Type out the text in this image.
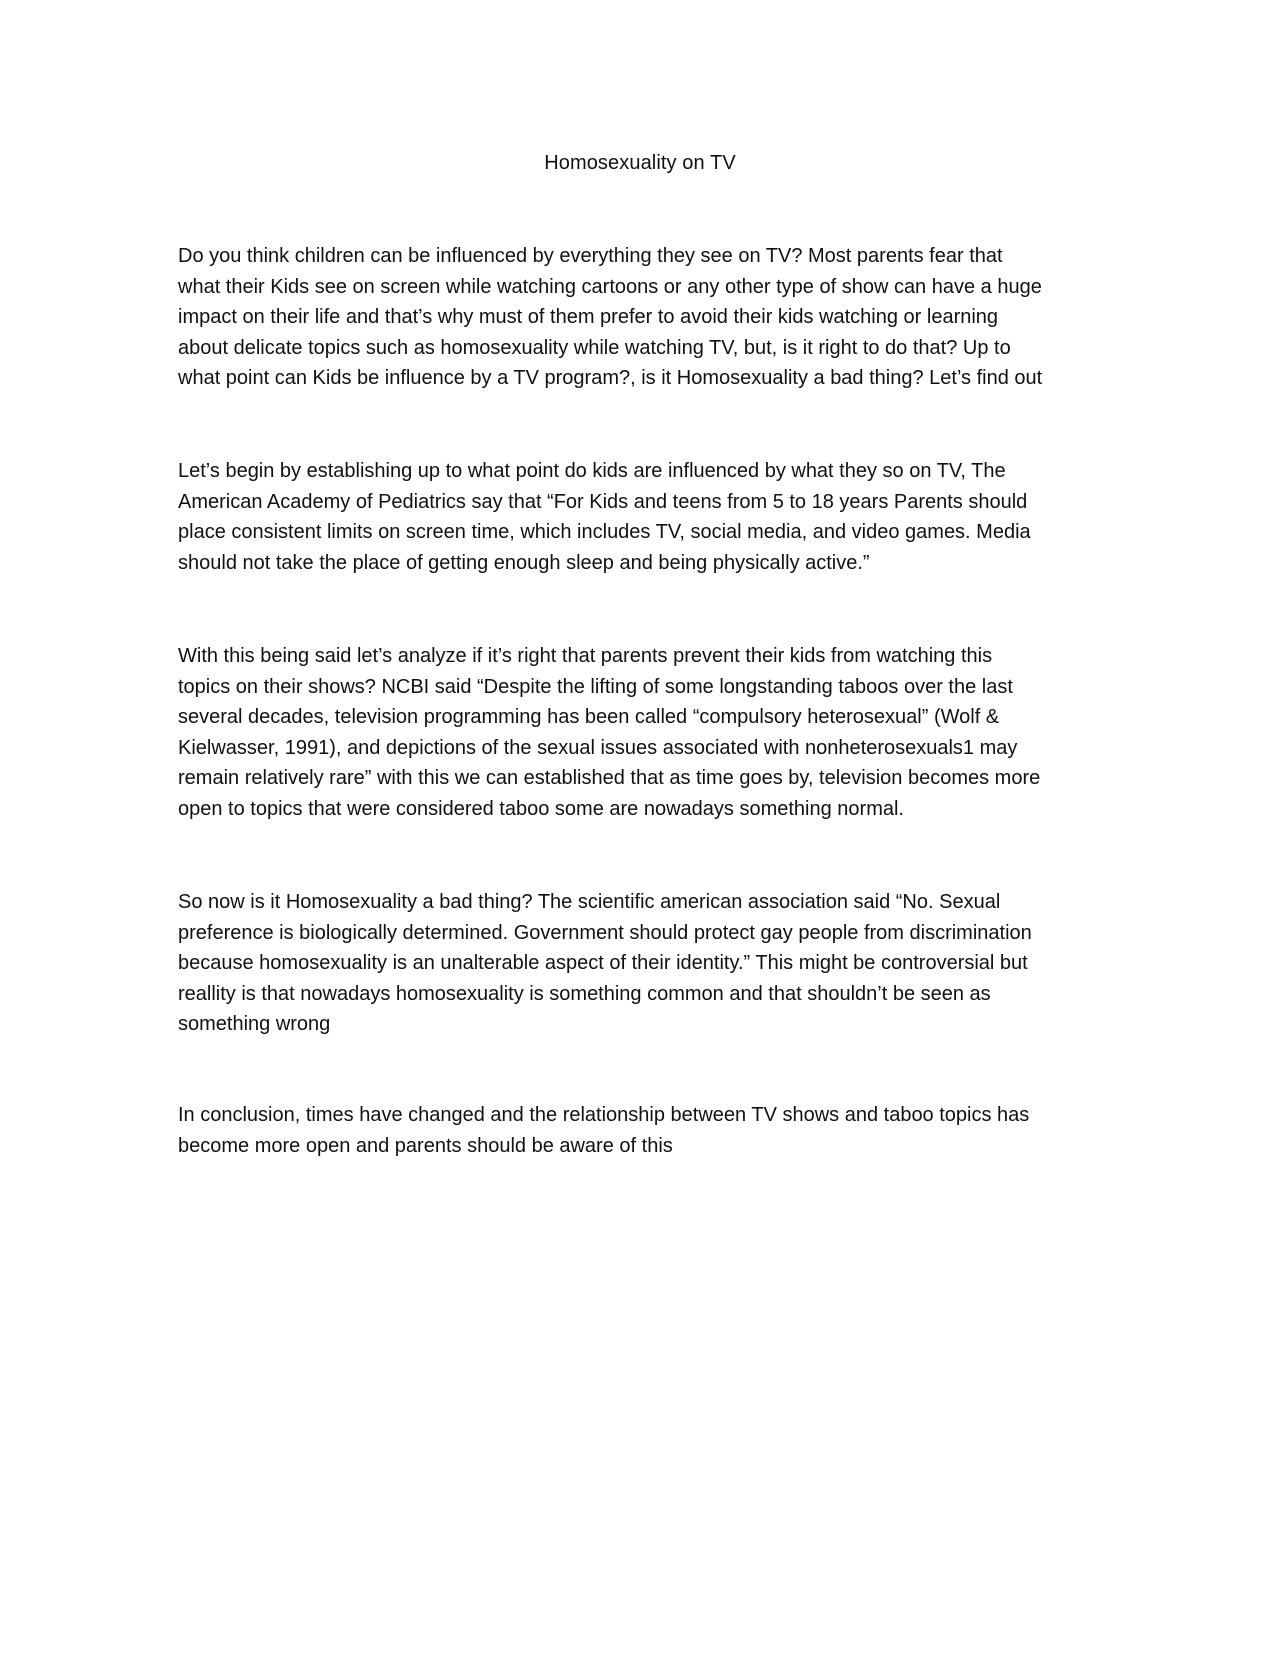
Homosexuality on TV

Do you think children can be influenced by everything they see on TV? Most parents fear that
what their Kids see on screen while watching cartoons or any other type of show can have a huge
impact on their life and that’s why must of them prefer to avoid their kids watching or learning
about delicate topics such as homosexuality while watching TV, but, is it right to do that? Up to
what point can Kids be influence by a TV program?, is it Homosexuality a bad thing? Let’s find out

Let’s begin by establishing up to what point do kids are influenced by what they so on TV, The
American Academy of Pediatrics say that “For Kids and teens from 5 to 18 years Parents should
place consistent limits on screen time, which includes TV, social media, and video games. Media
should not take the place of getting enough sleep and being physically active.”

With this being said let’s analyze if it’s right that parents prevent their kids from watching this
topics on their shows? NCBI said “Despite the lifting of some longstanding taboos over the last
several decades, television programming has been called “compulsory heterosexual” (Wolf &
Kielwasser, 1991), and depictions of the sexual issues associated with nonheterosexuals1 may
remain relatively rare” with this we can established that as time goes by, television becomes more
open to topics that were considered taboo some are nowadays something normal.

So now is it Homosexuality a bad thing? The scientific american association said “No. Sexual
preference is biologically determined. Government should protect gay people from discrimination
because homosexuality is an unalterable aspect of their identity.” This might be controversial but
reallity is that nowadays homosexuality is something common and that shouldn’t be seen as
something wrong

In conclusion, times have changed and the relationship between TV shows and taboo topics has
become more open and parents should be aware of this
